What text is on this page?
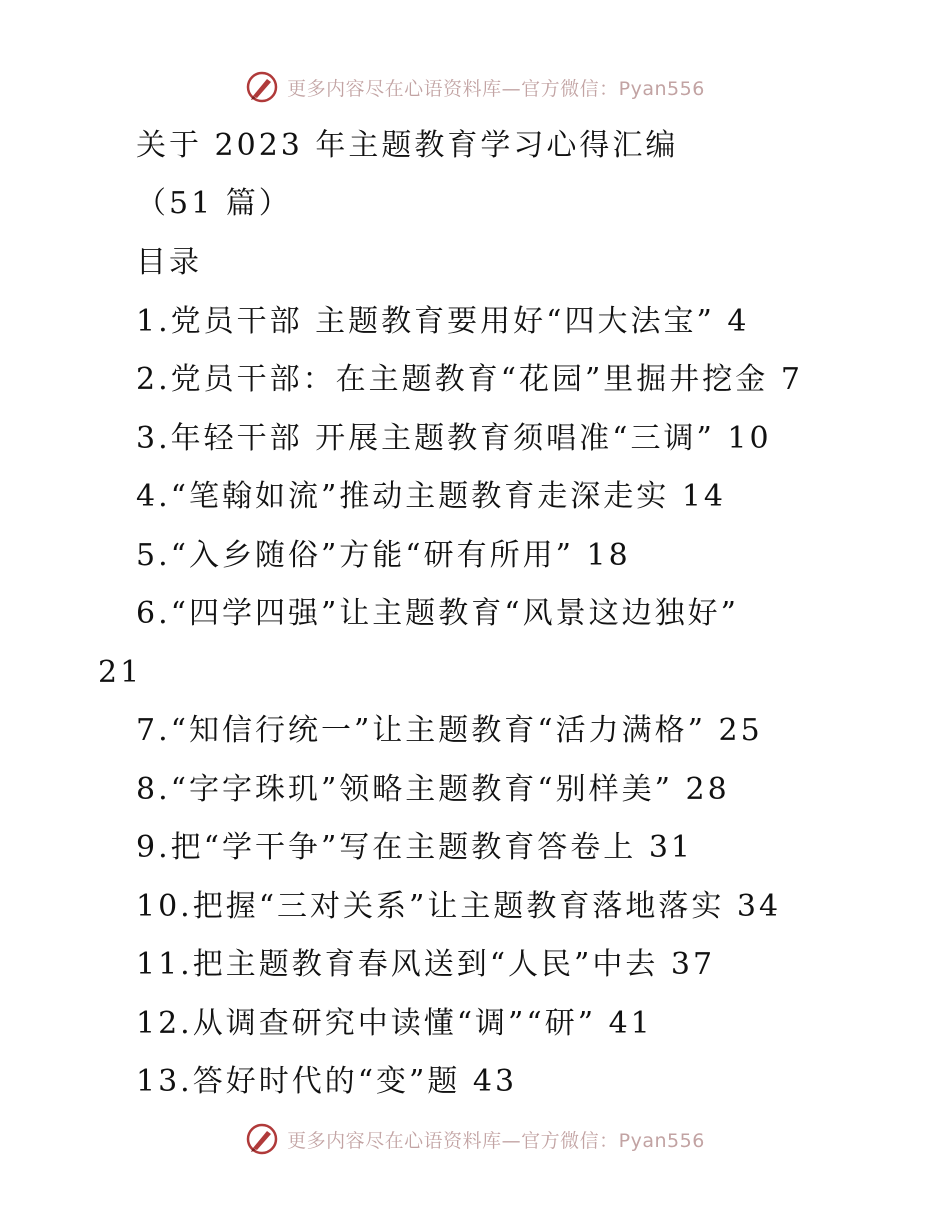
更多内容尽在心语资料库—官方微信：Pyan556
关于 2023 年主题教育学习心得汇编
（51 篇）
目录
1.党员干部 主题教育要用好“四大法宝” 4
2.党员干部：在主题教育“花园”里掘井挖金 7
3.年轻干部 开展主题教育须唱准“三调” 10
4.“笔翰如流”推动主题教育走深走实 14
5.“入乡随俗”方能“研有所用” 18
6.“四学四强”让主题教育“风景这边独好”
21
7.“知信行统一”让主题教育“活力满格” 25
8.“字字珠玑”领略主题教育“别样美” 28
9.把“学干争”写在主题教育答卷上 31
10.把握“三对关系”让主题教育落地落实 34
11.把主题教育春风送到“人民”中去 37
12.从调查研究中读懂“调”“研” 41
13.答好时代的“变”题 43
更多内容尽在心语资料库—官方微信：Pyan556
